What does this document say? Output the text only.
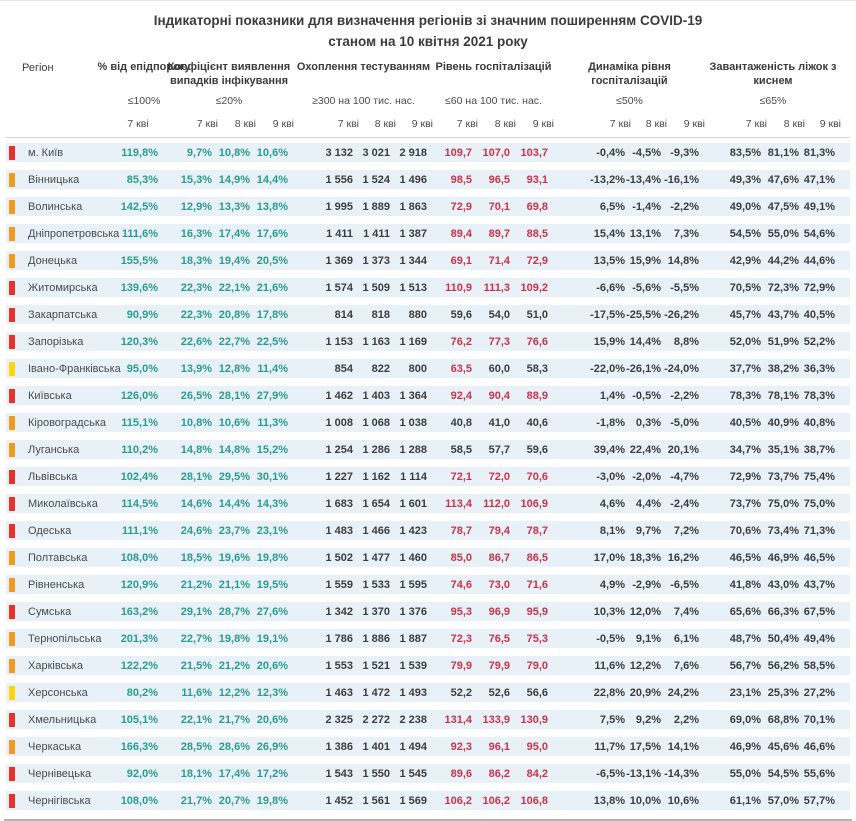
Індикаторні показники для визначення регіонів зі значним поширенням COVID-19
станом на 10 квітня 2021 року
Регіон	% від епідпорогу
≤100%
Коефіцієнт виявлення випадків інфікування
≤20%
Охоплення тестуванням
≥300 на 100 тис. нас.
Рівень госпіталізацій
≤60 на 100 тис. нас.
Динаміка рівня госпіталізацій
≤50%
Завантаженість ліжок з киснем
≤65%
7 кві	7 кві	8 кві	9 кві	7 кві	8 кві	9 кві	7 кві	8 кві	9 кві	7 кві	8 кві	9 кві	7 кві	8 кві	9 кві
м. Київ	119,8%	9,7% 10,8% 10,6%	3 132 3 021 2 918	109,7 107,0 103,7	-0,4% -4,5% -9,3%	83,5% 81,1% 81,3%
Вінницька	85,3%	15,3% 14,9% 14,4%	1 556 1 524 1 496	98,5	96,5	93,1	-13,2% -13,4% -16,1%	49,3% 47,6% 47,1%
Волинська	142,5%	12,9% 13,3% 13,8%	1 995 1 889 1 863	72,9	70,1	69,8	6,5% -1,4% -2,2%	49,0% 47,5% 49,1%
Дніпропетровська 111,6%	16,3% 17,4% 17,6%	1 411 1 411 1 387	89,4	89,7	88,5	15,4% 13,1%	7,3%	54,5% 55,0% 54,6%
Донецька	155,5%	18,3% 19,4% 20,5%	1 369 1 373 1 344	69,1	71,4	72,9	13,5% 15,9% 14,8%	42,9% 44,2% 44,6%
Житомирська	139,6%	22,3% 22,1% 21,6%	1 574 1 509 1 513	110,9	111,3 109,2	-6,6% -5,6% -5,5%	70,5% 72,3% 72,9%
Закарпатська	90,9%	22,3% 20,8% 17,8%	814	818	880	59,6	54,0	51,0	-17,5% -25,5% -26,2%	45,7% 43,7% 40,5%
Запорізька	120,3%	22,6% 22,7% 22,5%	1 153 1 163 1 169	76,2	77,3	76,6	15,9% 14,4%	8,8%	52,0% 51,9% 52,2%
Івано-Франківська 95,0%	13,9% 12,8% 11,4%	854	822	800	63,5	60,0	58,3	-22,0% -26,1% -24,0%	37,7% 38,2% 36,3%
Київська	126,0%	26,5% 28,1% 27,9%	1 462 1 403 1 364	92,4	90,4	88,9	1,4% -0,5% -2,2%	78,3% 78,1% 78,3%
Кіровоградська	115,1%	10,8% 10,6% 11,3%	1 008 1 068 1 038	40,8	41,0	40,6	-1,8% 0,3% -5,0%	40,5% 40,9% 40,8%
Луганська	110,2%	14,8% 14,8% 15,2%	1 254 1 286 1 288	58,5	57,7	59,6	39,4% 22,4% 20,1%	34,7% 35,1% 38,7%
Львівська	102,4%	28,1% 29,5% 30,1%	1 227 1 162 1 114	72,1	72,0	70,6	-3,0% -2,0% -4,7%	72,9% 73,7% 75,4%
Миколаївська	114,5%	14,6% 14,4% 14,3%	1 683 1 654 1 601	113,4	112,0 106,9	4,6% 4,4% -2,4%	73,7% 75,0% 75,0%
Одеська	111,1%	24,6% 23,7% 23,1%	1 483 1 466 1 423	78,7	79,4	78,7	8,1% 9,7%	7,2%	70,6% 73,4% 71,3%
Полтавська	108,0%	18,5% 19,6% 19,8%	1 502 1 477 1 460	85,0	86,7	86,5	17,0% 18,3% 16,2%	46,5% 46,9% 46,5%
Рівненська	120,9%	21,2% 21,1% 19,5%	1 559 1 533 1 595	74,6	73,0	71,6	4,9% -2,9% -6,5%	41,8% 43,0% 43,7%
Сумська	163,2%	29,1% 28,7% 27,6%	1 342 1 370 1 376	95,3	96,9	95,9	10,3% 12,0%	7,4%	65,6% 66,3% 67,5%
Тернопільська	201,3%	22,7% 19,8% 19,1%	1 786 1 886 1 887	72,3	76,5	75,3	-0,5% 9,1%	6,1%	48,7% 50,4% 49,4%
Харківська	122,2%	21,5% 21,2% 20,6%	1 553 1 521 1 539	79,9	79,9	79,0	11,6% 12,2%	7,6%	56,7% 56,2% 58,5%
Херсонська	80,2%	11,6% 12,2% 12,3%	1 463 1 472 1 493	52,2	52,6	56,6	22,8% 20,9% 24,2%	23,1% 25,3% 27,2%
Хмельницька	105,1%	22,1% 21,7% 20,6%	2 325 2 272 2 238	131,4 133,9 130,9	7,5% 9,2%	2,2%	69,0% 68,8% 70,1%
Черкаська	166,3%	28,5% 28,6% 26,9%	1 386 1 401 1 494	92,3	96,1	95,0	11,7% 17,5% 14,1%	46,9% 45,6% 46,6%
Чернівецька	92,0%	18,1% 17,4% 17,2%	1 543 1 550 1 545	89,6	86,2	84,2	-6,5% -13,1% -14,3%	55,0% 54,5% 55,6%
Чернігівська	108,0%	21,7% 20,7% 19,8%	1 452 1 561 1 569	106,2 106,2 106,8	13,8% 10,0% 10,6%	61,1% 57,0% 57,7%
